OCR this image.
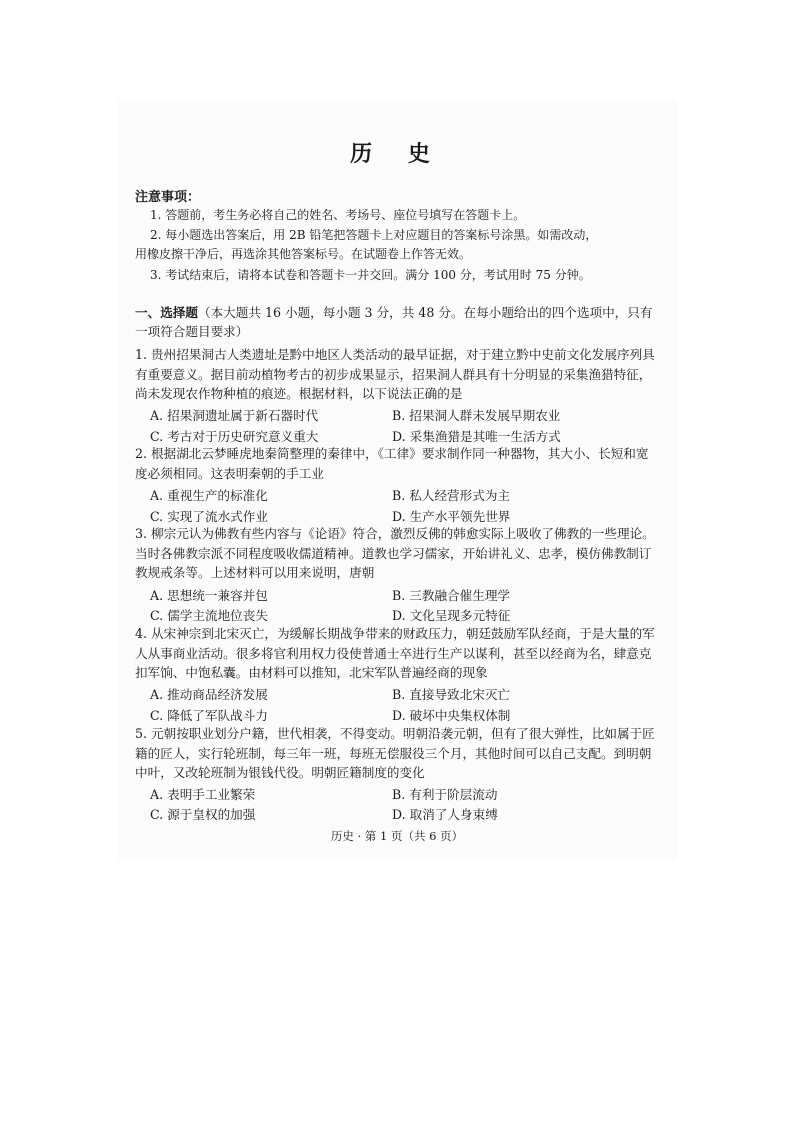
历 史
注意事项：
1. 答题前，考生务必将自己的姓名、考场号、座位号填写在答题卡上。
2. 每小题选出答案后，用 2B 铅笔把答题卡上对应题目的答案标号涂黑。如需改动，
用橡皮擦干净后，再选涂其他答案标号。在试题卷上作答无效。
3. 考试结束后，请将本试卷和答题卡一并交回。满分 100 分，考试用时 75 分钟。
一、选择题（本大题共 16 小题，每小题 3 分，共 48 分。在每小题给出的四个选项中，只有一项符合题目要求）
1. 贵州招果洞古人类遗址是黔中地区人类活动的最早证据，对于建立黔中史前文化发展序列具有重要意义。据目前动植物考古的初步成果显示，招果洞人群具有十分明显的采集渔猎特征，尚未发现农作物种植的痕迹。根据材料，以下说法正确的是
A. 招果洞遗址属于新石器时代	B. 招果洞人群未发展早期农业
C. 考古对于历史研究意义重大	D. 采集渔猎是其唯一生活方式
2. 根据湖北云梦睡虎地秦简整理的秦律中，《工律》要求制作同一种器物，其大小、长短和宽度必须相同。这表明秦朝的手工业
A. 重视生产的标准化	B. 私人经营形式为主
C. 实现了流水式作业	D. 生产水平领先世界
3. 柳宗元认为佛教有些内容与《论语》符合，激烈反佛的韩愈实际上吸收了佛教的一些理论。当时各佛教宗派不同程度吸收儒道精神。道教也学习儒家，开始讲礼义、忠孝，模仿佛教制订教规戒条等。上述材料可以用来说明，唐朝
A. 思想统一兼容并包	B. 三教融合催生理学
C. 儒学主流地位丧失	D. 文化呈现多元特征
4. 从宋神宗到北宋灭亡，为缓解长期战争带来的财政压力，朝廷鼓励军队经商，于是大量的军人从事商业活动。很多将官利用权力役使普通士卒进行生产以谋利，甚至以经商为名，肆意克扣军饷、中饱私囊。由材料可以推知，北宋军队普遍经商的现象
A. 推动商品经济发展	B. 直接导致北宋灭亡
C. 降低了军队战斗力	D. 破坏中央集权体制
5. 元朝按职业划分户籍，世代相袭，不得变动。明朝沿袭元朝，但有了很大弹性，比如属于匠籍的匠人，实行轮班制，每三年一班，每班无偿服役三个月，其他时间可以自己支配。到明朝中叶，又改轮班制为银钱代役。明朝匠籍制度的变化
A. 表明手工业繁荣	B. 有利于阶层流动
C. 源于皇权的加强	D. 取消了人身束缚
历史 · 第 1 页（共 6 页）
